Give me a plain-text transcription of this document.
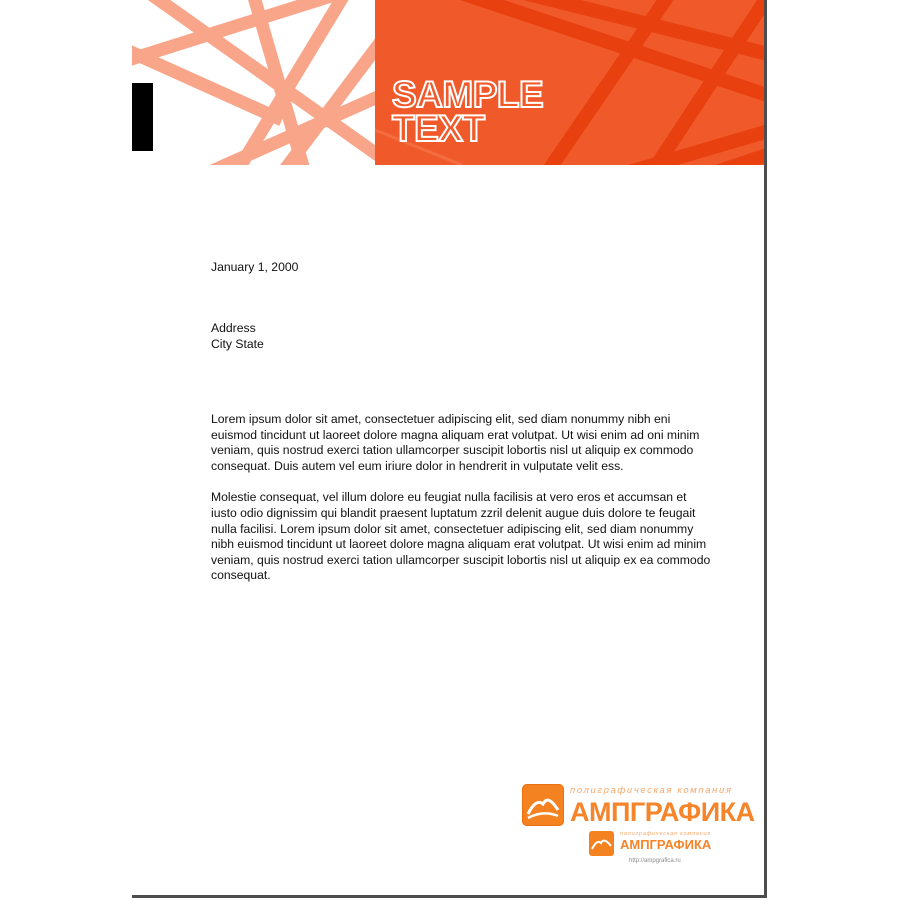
SAMPLE
TEXT
January 1, 2000
Address
City State

Lorem ipsum dolor sit amet, consectetuer adipiscing elit, sed diam nonummy nibh eni euismod tincidunt ut laoreet dolore magna aliquam erat volutpat. Ut wisi enim ad oni minim veniam, quis nostrud exerci tation ullamcorper suscipit lobortis nisl ut aliquip ex commodo consequat. Duis autem vel eum iriure dolor in hendrerit in vulputate velit ess.

Molestie consequat, vel illum dolore eu feugiat nulla facilisis at vero eros et accumsan et iusto odio dignissim qui blandit praesent luptatum zzril delenit augue duis dolore te feugait nulla facilisi. Lorem ipsum dolor sit amet, consectetuer adipiscing elit, sed diam nonummy nibh euismod tincidunt ut laoreet dolore magna aliquam erat volutpat. Ut wisi enim ad minim veniam, quis nostrud exerci tation ullamcorper suscipit lobortis nisl ut aliquip ex ea commodo consequat.

полиграфическая компания
АМПГРАФИКА
полиграфическая компания
АМПГРАФИКА
http://ampgrafica.ru
